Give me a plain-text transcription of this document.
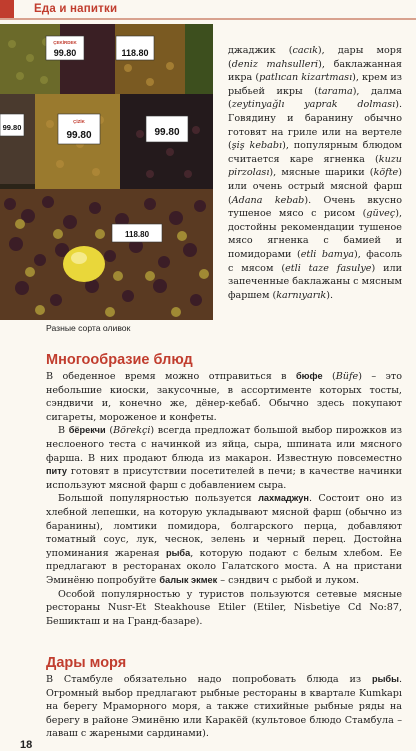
Еда и напитки
ÇEKİRDEK
99.80	118.80
99.80
ÇİZİK
99.80	99.80
118.80
Разные сорта оливок

джаджик (cacık), дары моря (deniz mahsulleri), баклажанная икра (patlıcan kizartması), крем из рыбьей икры (tarama), далма (zeytinyağlı yaprak dolması). Говядину и баранину обычно готовят на гриле или на вертеле (şiş kebabı), популярным блюдом считается каре ягненка (kuzu pirzolası), мясные шарики (köfte) или очень острый мясной фарш (Adana kebab). Очень вкусно тушеное мясо с рисом (güveç), достойны рекомендации тушеное мясо ягненка с бамией и помидорами (etli bamya), фасоль с мясом (etli taze fasulye) или запеченные баклажаны с мясным фаршем (karnıyarık).

Многообразие блюд

В обеденное время можно отправиться в бюфе (Büfe) – это небольшие киоски, закусочные, в ассортименте которых тосты, сэндвичи и, конечно же, дёнер-кебаб. Обычно здесь покупают сигареты, мороженое и конфеты.

В бёрекчи (Börekçi) всегда предложат большой выбор пирожков из неслоеного теста с начинкой из яйца, сыра, шпината или мясного фарша. В них продают блюда из макарон. Известную повсеместно питу готовят в присутствии посетителей в печи; в качестве начинки используют мясной фарш с добавлением сыра.

Большой популярностью пользуется лахмаджун. Состоит оно из хлебной лепешки, на которую укладывают мясной фарш (обычно из баранины), ломтики помидора, болгарского перца, добавляют томатный соус, лук, чеснок, зелень и черный перец. Достойна упоминания жареная рыба, которую подают с белым хлебом. Ее предлагают в ресторанах около Галатского моста. А на пристани Эминёню попробуйте балык экмек – сэндвич с рыбой и луком.

Особой популярностью у туристов пользуются сетевые мясные рестораны Nusr-Et Steakhouse Etiler (Etiler, Nisbetiye Cd No:87, Бешикташ и на Гранд-базаре).

Дары моря

В Стамбуле обязательно надо попробовать блюда из рыбы. Огромный выбор предлагают рыбные рестораны в квартале Kumkapı на берегу Мраморного моря, а также стихийные рыбные ряды на берегу в районе Эминёню или Каракёй (культовое блюдо Стамбула – лаваш с жареными сардинами).

18
